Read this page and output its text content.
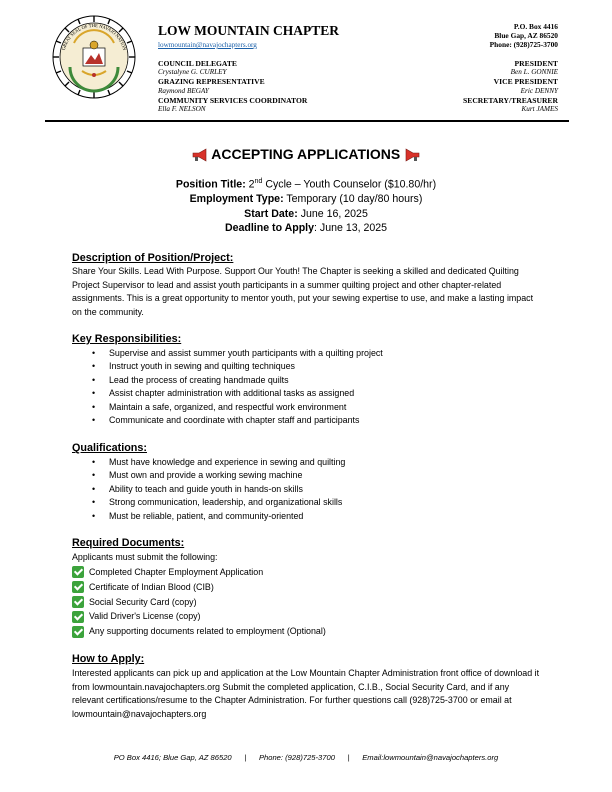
GREAT SEAL OF THE NAVAJO NATION
LOW MOUNTAIN CHAPTER
lowmountain@navajochapters.org
COUNCIL DELEGATE
Crystalyne G. CURLEY
GRAZING REPRESENTATIVE
Raymond BEGAY
COMMUNITY SERVICES COORDINATOR
Ella F. NELSON
P.O. Box 4416
Blue Gap, AZ 86520
Phone: (928)725-3700
PRESIDENT
Ben L. GONNIE
VICE PRESIDENT
Eric DENNY
SECRETARY/TREASURER
Kurt JAMES
ACCEPTING APPLICATIONS
Position Title: 2nd Cycle – Youth Counselor ($10.80/hr)
Employment Type: Temporary (10 day/80 hours)
Start Date: June 16, 2025
Deadline to Apply: June 13, 2025
Description of Position/Project:
Share Your Skills. Lead With Purpose. Support Our Youth! The Chapter is seeking a skilled and dedicated Quilting Project Supervisor to lead and assist youth participants in a summer quilting project and other chapter-related assignments. This is a great opportunity to mentor youth, put your sewing expertise to use, and make a lasting impact on the community.
Key Responsibilities:
• Supervise and assist summer youth participants with a quilting project
• Instruct youth in sewing and quilting techniques
• Lead the process of creating handmade quilts
• Assist chapter administration with additional tasks as assigned
• Maintain a safe, organized, and respectful work environment
• Communicate and coordinate with chapter staff and participants
Qualifications:
• Must have knowledge and experience in sewing and quilting
• Must own and provide a working sewing machine
• Ability to teach and guide youth in hands-on skills
• Strong communication, leadership, and organizational skills
• Must be reliable, patient, and community-oriented
Required Documents:
Applicants must submit the following:
Completed Chapter Employment Application
Certificate of Indian Blood (CIB)
Social Security Card (copy)
Valid Driver's License (copy)
Any supporting documents related to employment (Optional)
How to Apply:
Interested applicants can pick up and application at the Low Mountain Chapter Administration front office of download it from lowmountain.navajochapters.org Submit the completed application, C.I.B., Social Security Card, and if any relevant certifications/resume to the Chapter Administration. For further questions call (928)725-3700 or email at lowmountain@navajochapters.org
PO Box 4416; Blue Gap, AZ 86520      |      Phone: (928)725-3700      |      Email:lowmountain@navajochapters.org
